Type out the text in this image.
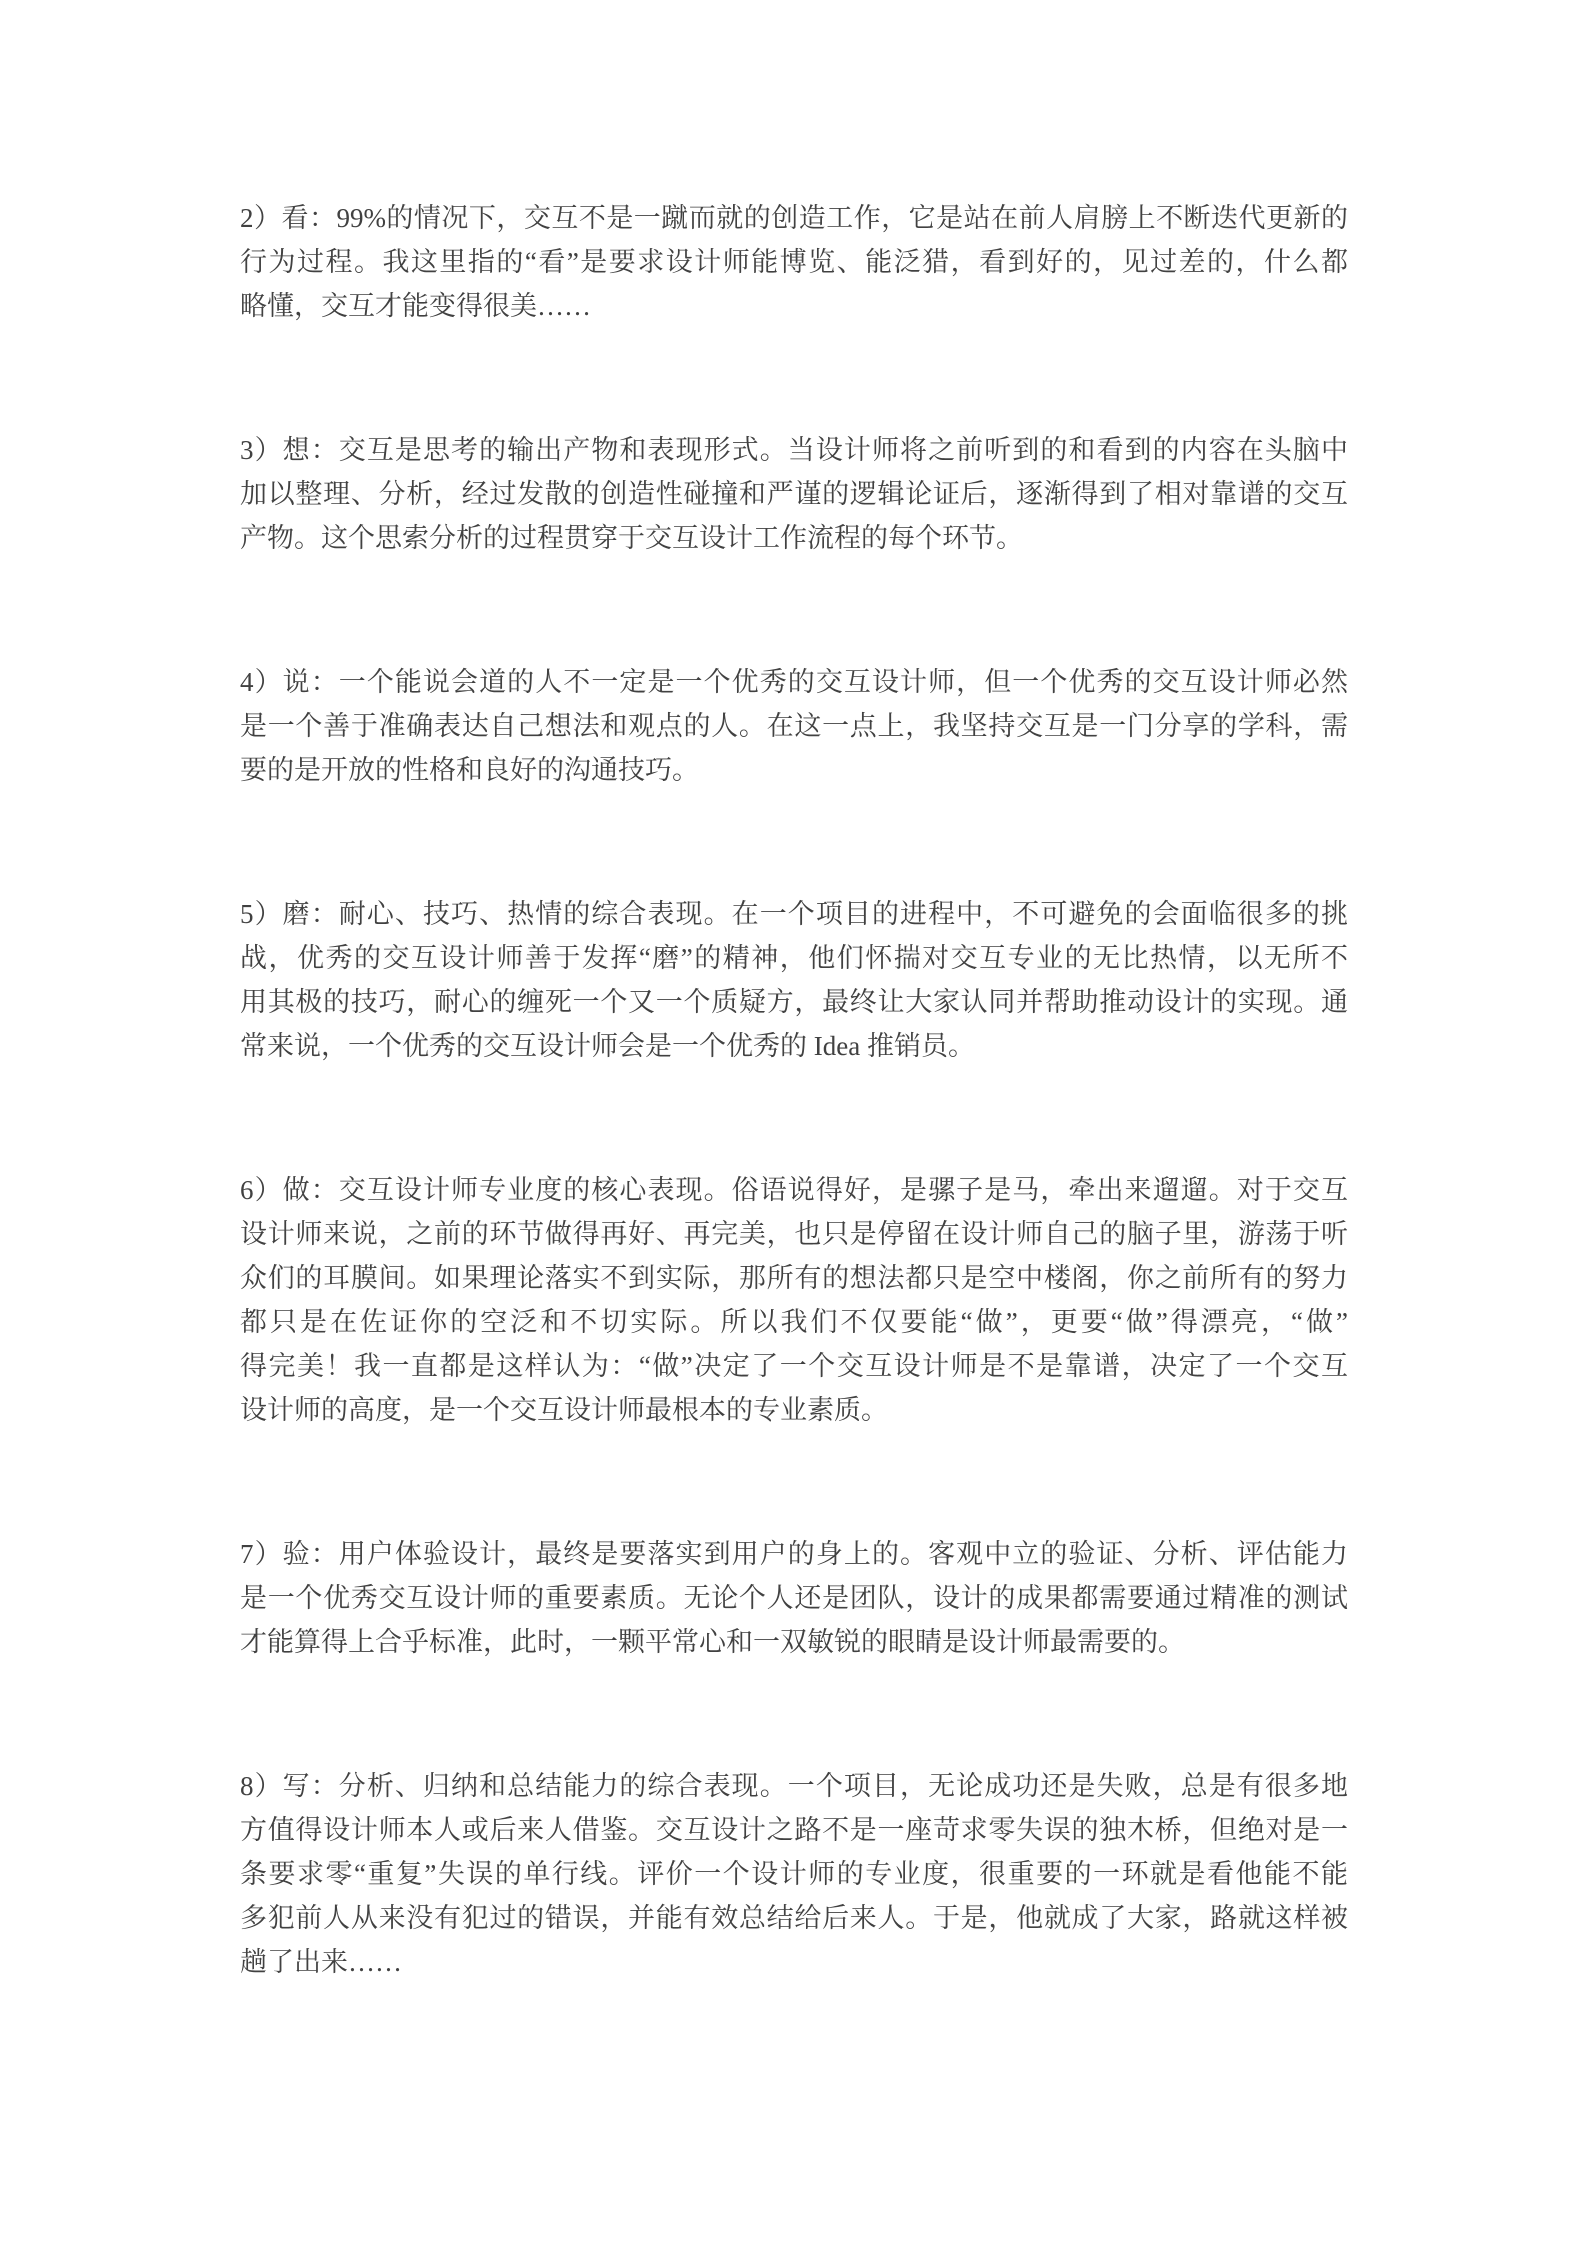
2）看：99%的情况下，交互不是一蹴而就的创造工作，它是站在前人肩膀上不断迭代更新的
行为过程。我这里指的“看”是要求设计师能博览、能泛猎，看到好的，见过差的，什么都
略懂，交互才能变得很美……

3）想：交互是思考的输出产物和表现形式。当设计师将之前听到的和看到的内容在头脑中
加以整理、分析，经过发散的创造性碰撞和严谨的逻辑论证后，逐渐得到了相对靠谱的交互
产物。这个思索分析的过程贯穿于交互设计工作流程的每个环节。

4）说：一个能说会道的人不一定是一个优秀的交互设计师，但一个优秀的交互设计师必然
是一个善于准确表达自己想法和观点的人。在这一点上，我坚持交互是一门分享的学科，需
要的是开放的性格和良好的沟通技巧。

5）磨：耐心、技巧、热情的综合表现。在一个项目的进程中，不可避免的会面临很多的挑
战，优秀的交互设计师善于发挥“磨”的精神，他们怀揣对交互专业的无比热情，以无所不
用其极的技巧，耐心的缠死一个又一个质疑方，最终让大家认同并帮助推动设计的实现。通
常来说，一个优秀的交互设计师会是一个优秀的 Idea 推销员。

6）做：交互设计师专业度的核心表现。俗语说得好，是骡子是马，牵出来遛遛。对于交互
设计师来说，之前的环节做得再好、再完美，也只是停留在设计师自己的脑子里，游荡于听
众们的耳膜间。如果理论落实不到实际，那所有的想法都只是空中楼阁，你之前所有的努力
都只是在佐证你的空泛和不切实际。所以我们不仅要能“做”，更要“做”得漂亮，“做”
得完美！我一直都是这样认为：“做”决定了一个交互设计师是不是靠谱，决定了一个交互
设计师的高度，是一个交互设计师最根本的专业素质。

7）验：用户体验设计，最终是要落实到用户的身上的。客观中立的验证、分析、评估能力
是一个优秀交互设计师的重要素质。无论个人还是团队，设计的成果都需要通过精准的测试
才能算得上合乎标准，此时，一颗平常心和一双敏锐的眼睛是设计师最需要的。

8）写：分析、归纳和总结能力的综合表现。一个项目，无论成功还是失败，总是有很多地
方值得设计师本人或后来人借鉴。交互设计之路不是一座苛求零失误的独木桥，但绝对是一
条要求零“重复”失误的单行线。评价一个设计师的专业度，很重要的一环就是看他能不能
多犯前人从来没有犯过的错误，并能有效总结给后来人。于是，他就成了大家，路就这样被
趟了出来……
